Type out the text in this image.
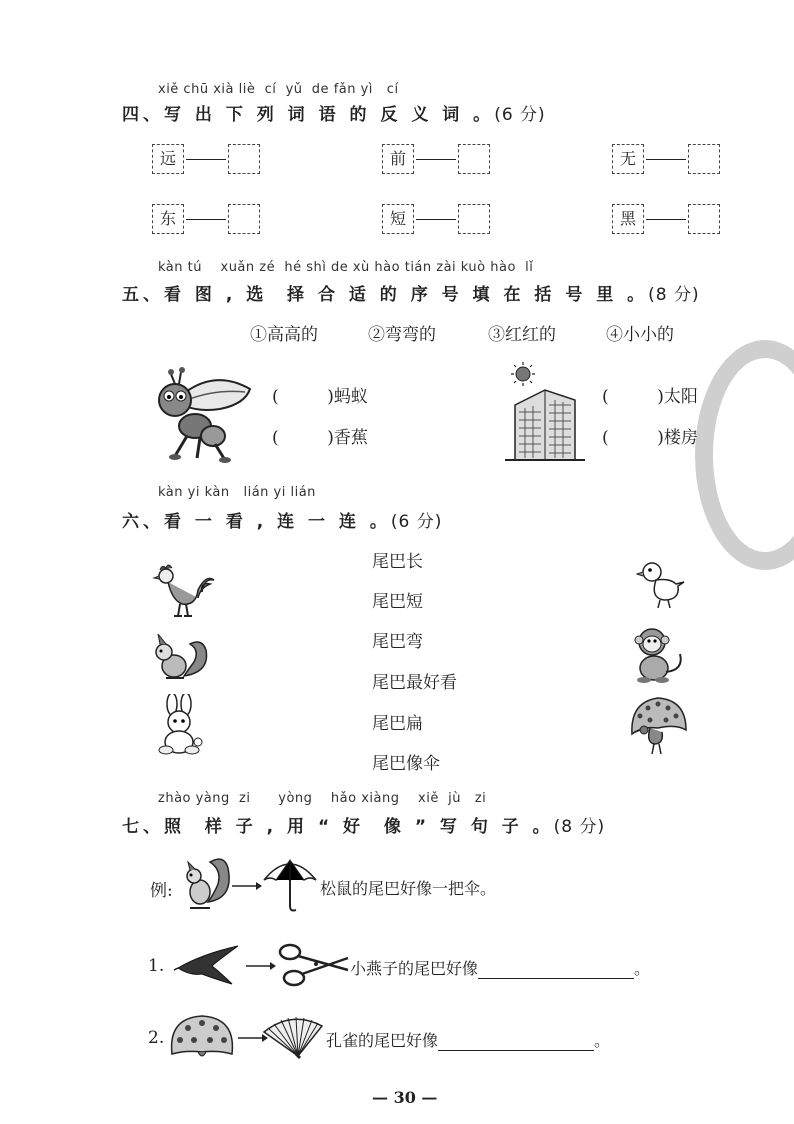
xiě chū xià liè  cí  yǔ  de fǎn yì   cí
四、写 出 下 列 词 语 的 反 义 词 。(6 分)
远	前	无
东	短	黑
kàn tú    xuǎn zé  hé shì de xù hào tián zài kuò hào  lǐ
五、看 图 , 选  择 合 适 的 序 号 填 在 括 号 里 。(8 分)
①高高的	②弯弯的	③红红的	④小小的
(         )蚂蚁
(         )香蕉
(         )太阳
(         )楼房
kàn yi kàn   lián yi lián
六、看 一 看 , 连 一 连 。(6 分)
尾巴长
尾巴短
尾巴弯
尾巴最好看
尾巴扁
尾巴像伞
zhào yàng  zi      yòng    hǎo xiàng    xiě  jù   zi
七、照  样 子 , 用 “ 好  像 ” 写 句 子 。(8 分)
例:	松鼠的尾巴好像一把伞。
1.	小燕子的尾巴好像	。
2.	孔雀的尾巴好像	。
— 30 —
